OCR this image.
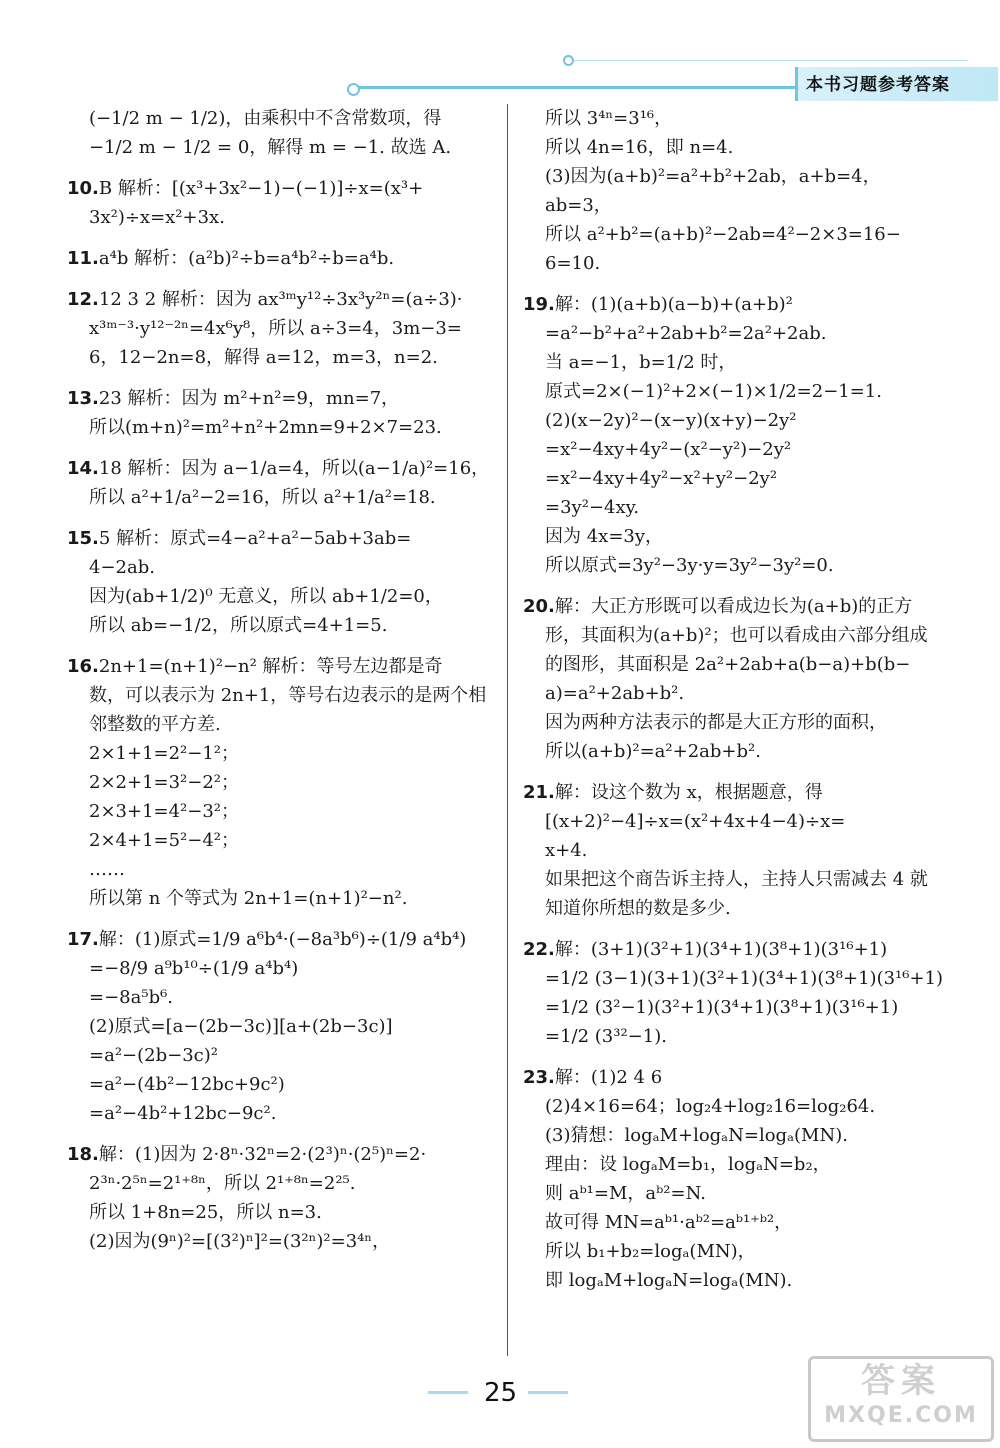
本书习题参考答案
(−1/2 m − 1/2)，由乘积中不含常数项，得
−1/2 m − 1/2 = 0，解得 m = −1. 故选 A.
10.B 解析：[(x³+3x²−1)−(−1)]÷x=(x³+
3x²)÷x=x²+3x.
11.a⁴b 解析：(a²b)²÷b=a⁴b²÷b=a⁴b.
12.12 3 2 解析：因为 ax³ᵐy¹²÷3x³y²ⁿ=(a÷3)·
x³ᵐ⁻³·y¹²⁻²ⁿ=4x⁶y⁸，所以 a÷3=4，3m−3=
6，12−2n=8，解得 a=12，m=3，n=2.
13.23 解析：因为 m²+n²=9，mn=7，
所以(m+n)²=m²+n²+2mn=9+2×7=23.
14.18 解析：因为 a−1/a=4，所以(a−1/a)²=16，
所以 a²+1/a²−2=16，所以 a²+1/a²=18.
15.5 解析：原式=4−a²+a²−5ab+3ab=
4−2ab.
因为(ab+1/2)⁰ 无意义，所以 ab+1/2=0，
所以 ab=−1/2，所以原式=4+1=5.
16.2n+1=(n+1)²−n² 解析：等号左边都是奇
数，可以表示为 2n+1，等号右边表示的是两个相
邻整数的平方差.
2×1+1=2²−1²；
2×2+1=3²−2²；
2×3+1=4²−3²；
2×4+1=5²−4²；
……
所以第 n 个等式为 2n+1=(n+1)²−n².
17.解：(1)原式=1/9 a⁶b⁴·(−8a³b⁶)÷(1/9 a⁴b⁴)
=−8/9 a⁹b¹⁰÷(1/9 a⁴b⁴)
=−8a⁵b⁶.
(2)原式=[a−(2b−3c)][a+(2b−3c)]
=a²−(2b−3c)²
=a²−(4b²−12bc+9c²)
=a²−4b²+12bc−9c².
18.解：(1)因为 2·8ⁿ·32ⁿ=2·(2³)ⁿ·(2⁵)ⁿ=2·
2³ⁿ·2⁵ⁿ=2¹⁺⁸ⁿ，所以 2¹⁺⁸ⁿ=2²⁵.
所以 1+8n=25，所以 n=3.
(2)因为(9ⁿ)²=[(3²)ⁿ]²=(3²ⁿ)²=3⁴ⁿ，
所以 3⁴ⁿ=3¹⁶，
所以 4n=16，即 n=4.
(3)因为(a+b)²=a²+b²+2ab，a+b=4，
ab=3，
所以 a²+b²=(a+b)²−2ab=4²−2×3=16−
6=10.
19.解：(1)(a+b)(a−b)+(a+b)²
=a²−b²+a²+2ab+b²=2a²+2ab.
当 a=−1，b=1/2 时，
原式=2×(−1)²+2×(−1)×1/2=2−1=1.
(2)(x−2y)²−(x−y)(x+y)−2y²
=x²−4xy+4y²−(x²−y²)−2y²
=x²−4xy+4y²−x²+y²−2y²
=3y²−4xy.
因为 4x=3y，
所以原式=3y²−3y·y=3y²−3y²=0.
20.解：大正方形既可以看成边长为(a+b)的正方
形，其面积为(a+b)²；也可以看成由六部分组成
的图形，其面积是 2a²+2ab+a(b−a)+b(b−
a)=a²+2ab+b².
因为两种方法表示的都是大正方形的面积，
所以(a+b)²=a²+2ab+b².
21.解：设这个数为 x，根据题意，得
[(x+2)²−4]÷x=(x²+4x+4−4)÷x=
x+4.
如果把这个商告诉主持人，主持人只需减去 4 就
知道你所想的数是多少.
22.解：(3+1)(3²+1)(3⁴+1)(3⁸+1)(3¹⁶+1)
=1/2 (3−1)(3+1)(3²+1)(3⁴+1)(3⁸+1)(3¹⁶+1)
=1/2 (3²−1)(3²+1)(3⁴+1)(3⁸+1)(3¹⁶+1)
=1/2 (3³²−1).
23.解：(1)2 4 6
(2)4×16=64；log₂4+log₂16=log₂64.
(3)猜想：logₐM+logₐN=logₐ(MN).
理由：设 logₐM=b₁，logₐN=b₂，
则 aᵇ¹=M，aᵇ²=N.
故可得 MN=aᵇ¹·aᵇ²=aᵇ¹⁺ᵇ²，
所以 b₁+b₂=logₐ(MN)，
即 logₐM+logₐN=logₐ(MN).
25	答案
MXQE.COM
